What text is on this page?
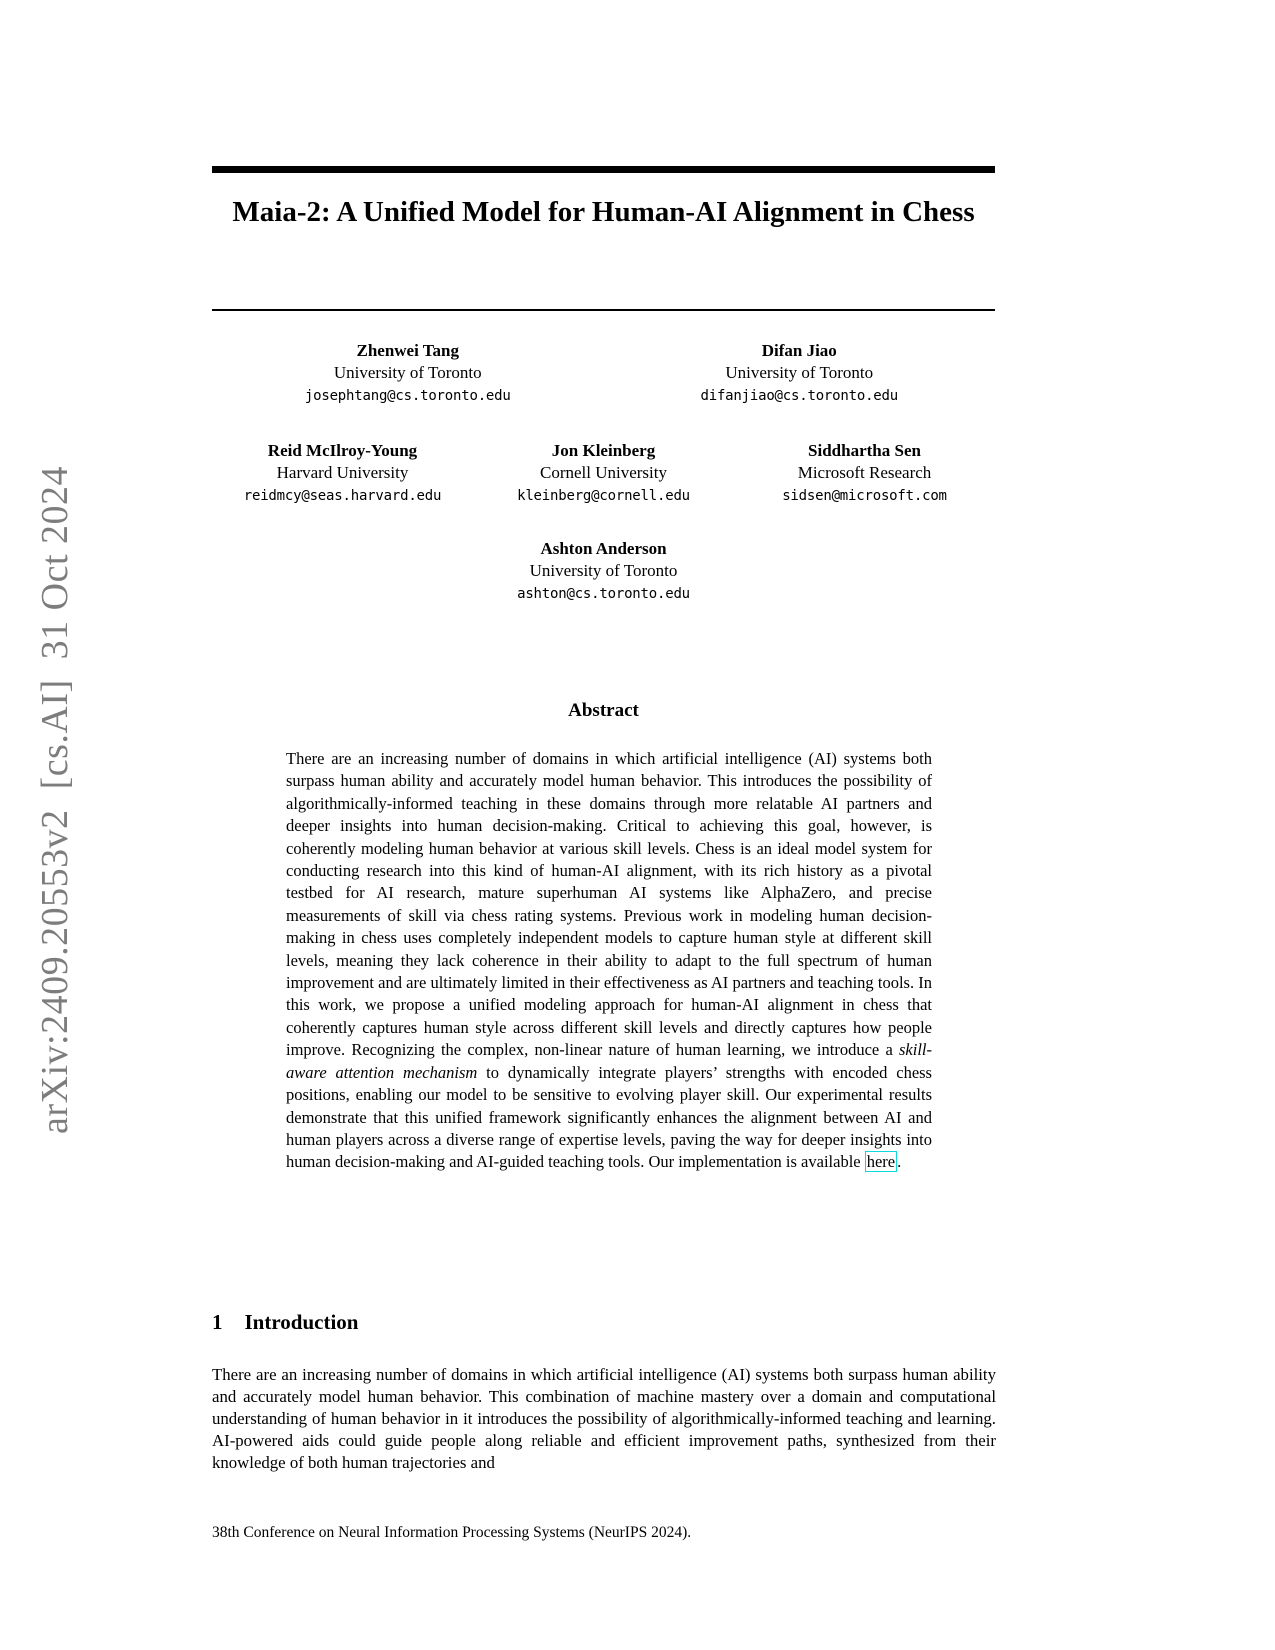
arXiv:2409.20553v2  [cs.AI]  31 Oct 2024
Maia-2: A Unified Model for Human-AI Alignment in Chess
Zhenwei Tang
University of Toronto
josephtang@cs.toronto.edu
Difan Jiao
University of Toronto
difanjiao@cs.toronto.edu
Reid McIlroy-Young
Harvard University
reidmcy@seas.harvard.edu
Jon Kleinberg
Cornell University
kleinberg@cornell.edu
Siddhartha Sen
Microsoft Research
sidsen@microsoft.com
Ashton Anderson
University of Toronto
ashton@cs.toronto.edu
Abstract

There are an increasing number of domains in which artificial intelligence (AI) systems both surpass human ability and accurately model human behavior. This introduces the possibility of algorithmically-informed teaching in these domains through more relatable AI partners and deeper insights into human decision-making. Critical to achieving this goal, however, is coherently modeling human behavior at various skill levels. Chess is an ideal model system for conducting research into this kind of human-AI alignment, with its rich history as a pivotal testbed for AI research, mature superhuman AI systems like AlphaZero, and precise measurements of skill via chess rating systems. Previous work in modeling human decision-making in chess uses completely independent models to capture human style at different skill levels, meaning they lack coherence in their ability to adapt to the full spectrum of human improvement and are ultimately limited in their effectiveness as AI partners and teaching tools. In this work, we propose a unified modeling approach for human-AI alignment in chess that coherently captures human style across different skill levels and directly captures how people improve. Recognizing the complex, non-linear nature of human learning, we introduce a skill-aware attention mechanism to dynamically integrate players’ strengths with encoded chess positions, enabling our model to be sensitive to evolving player skill. Our experimental results demonstrate that this unified framework significantly enhances the alignment between AI and human players across a diverse range of expertise levels, paving the way for deeper insights into human decision-making and AI-guided teaching tools. Our implementation is available here .

1 Introduction

There are an increasing number of domains in which artificial intelligence (AI) systems both surpass human ability and accurately model human behavior. This combination of machine mastery over a domain and computational understanding of human behavior in it introduces the possibility of algorithmically-informed teaching and learning. AI-powered aids could guide people along reliable and efficient improvement paths, synthesized from their knowledge of both human trajectories and

38th Conference on Neural Information Processing Systems (NeurIPS 2024).
